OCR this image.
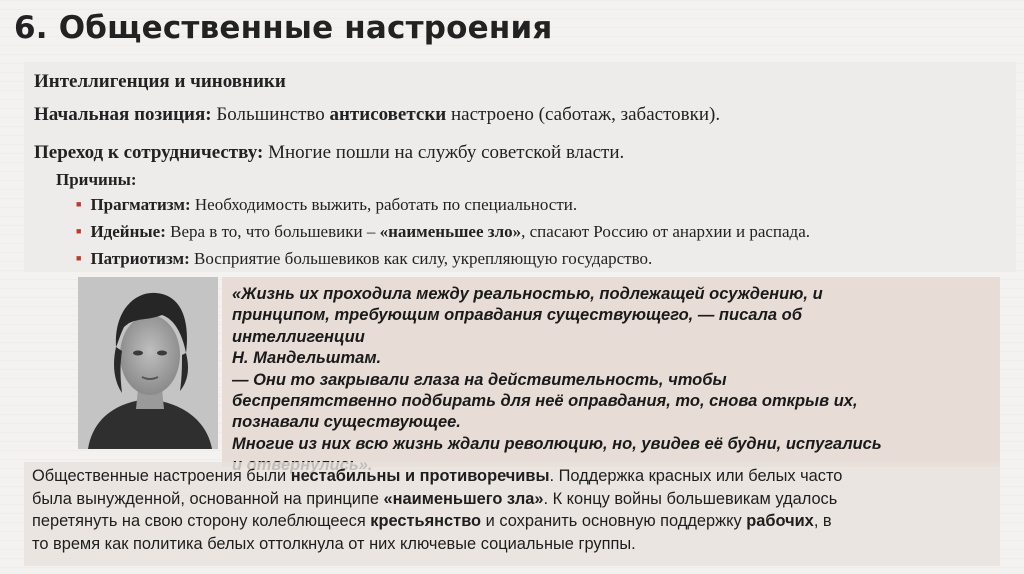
6. Общественные настроения

Интеллигенция и чиновники

Начальная позиция: Большинство антисоветски настроено (саботаж, забастовки).

Переход к сотрудничеству: Многие пошли на службу советской власти.

Причины:

■ Прагматизм: Необходимость выжить, работать по специальности.
■ Идейные: Вера в то, что большевики – «наименьшее зло», спасают Россию от анархии и распада.
■ Патриотизм: Восприятие большевиков как силу, укрепляющую государство.
«Жизнь их проходила между реальностью, подлежащей осуждению, и
принципом, требующим оправдания существующего, — писала об
интеллигенции
Н. Мандельштам.
— Они то закрывали глаза на действительность, чтобы
беспрепятственно подбирать для неё оправдания, то, снова открыв их,
познавали существующее.
Многие из них всю жизнь ждали революцию, но, увидев её будни, испугались
Общественные настроения были нестабильны и противоречивы. Поддержка красных или белых часто
была вынужденной, основанной на принципе «наименьшего зла». К концу войны большевикам удалось
перетянуть на свою сторону колеблющееся крестьянство и сохранить основную поддержку рабочих, в
то время как политика белых оттолкнула от них ключевые социальные группы.
